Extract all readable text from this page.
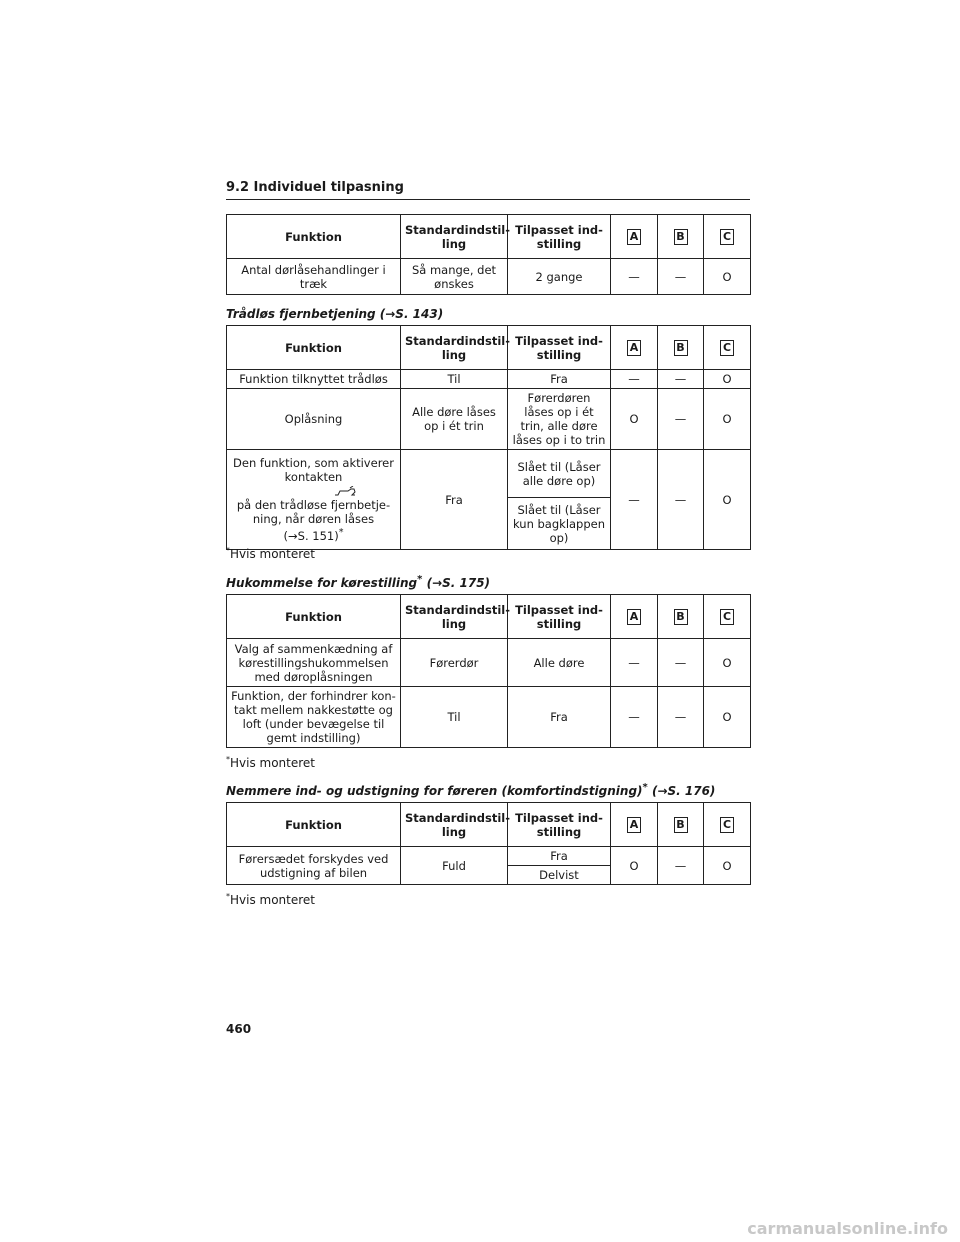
9.2 Individuel tilpasning
Funktion	Standardindstil-ling	Tilpasset ind-stilling	A	B	C
Antal dørlåsehandlinger i træk	Så mange, det ønskes	2 gange	—	—	O
Trådløs fjernbetjening (→S. 143)
Funktion	Standardindstil-ling	Tilpasset ind-stilling	A	B	C
Funktion tilknyttet trådløs	Til	Fra	—	—	O
Oplåsning	Alle døre låses op i ét trin	Førerdøren låses op i ét trin, alle døre låses op i to trin	O	—	O

Den funktion, som aktiverer kontakten
på den trådløse fjernbetje-ning, når døren låses
(→S. 151)*	Fra	Slået til (Låser alle døre op)	—	—	O
		Slået til (Låser kun bagklappen op)			
*Hvis monteret
Hukommelse for kørestilling* (→S. 175)
Funktion	Standardindstil-ling	Tilpasset ind-stilling	A	B	C
Valg af sammenkædning af kørestillingshukommelsen med døroplåsningen	Førerdør	Alle døre	—	—	O
Funktion, der forhindrer kon-takt mellem nakkestøtte og loft (under bevægelse til gemt indstilling)	Til	Fra	—	—	O
*Hvis monteret
Nemmere ind- og udstigning for føreren (komfortindstigning)* (→S. 176)
Funktion	Standardindstil-ling	Tilpasset ind-stilling	A	B	C
Førersædet forskydes ved udstigning af bilen	Fuld	Fra	O	—	O
		Delvist			
*Hvis monteret
460
carmanualsonline.info
